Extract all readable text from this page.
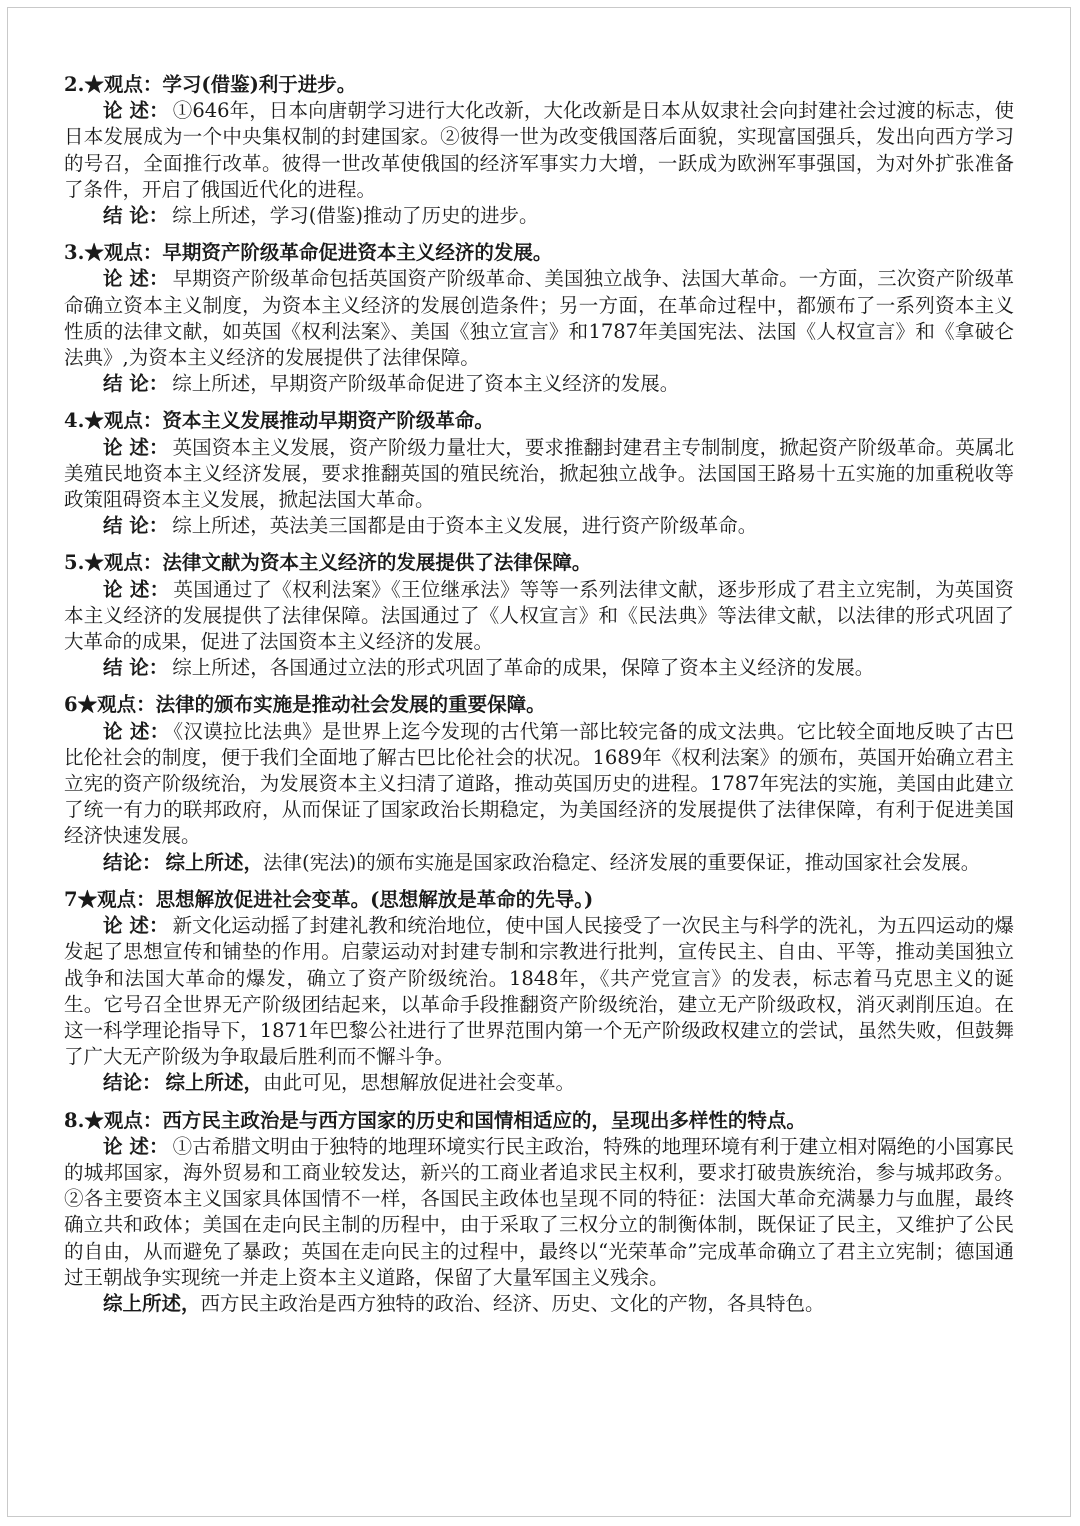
2.★观点：学习(借鉴)利于进步。

论 述： ①646年，日本向唐朝学习进行大化改新，大化改新是日本从奴隶社会向封建社会过渡的标志，使日本发展成为一个中央集权制的封建国家。②彼得一世为改变俄国落后面貌，实现富国强兵，发出向西方学习的号召，全面推行改革。彼得一世改革使俄国的经济军事实力大增，一跃成为欧洲军事强国，为对外扩张准备了条件，开启了俄国近代化的进程。

结 论： 综上所述，学习(借鉴)推动了历史的进步。

3.★观点：早期资产阶级革命促进资本主义经济的发展。

论 述： 早期资产阶级革命包括英国资产阶级革命、美国独立战争、法国大革命。一方面，三次资产阶级革命确立资本主义制度，为资本主义经济的发展创造条件；另一方面，在革命过程中，都颁布了一系列资本主义性质的法律文献，如英国《权利法案》、美国《独立宣言》和1787年美国宪法、法国《人权宣言》和《拿破仑法典》,为资本主义经济的发展提供了法律保障。

结 论： 综上所述，早期资产阶级革命促进了资本主义经济的发展。

4.★观点：资本主义发展推动早期资产阶级革命。

论 述： 英国资本主义发展，资产阶级力量壮大，要求推翻封建君主专制制度，掀起资产阶级革命。英属北美殖民地资本主义经济发展，要求推翻英国的殖民统治，掀起独立战争。法国国王路易十五实施的加重税收等政策阻碍资本主义发展，掀起法国大革命。

结 论： 综上所述，英法美三国都是由于资本主义发展，进行资产阶级革命。

5.★观点：法律文献为资本主义经济的发展提供了法律保障。

论 述： 英国通过了《权利法案》《王位继承法》等等一系列法律文献，逐步形成了君主立宪制，为英国资本主义经济的发展提供了法律保障。法国通过了《人权宣言》和《民法典》等法律文献，以法律的形式巩固了大革命的成果，促进了法国资本主义经济的发展。

结 论： 综上所述，各国通过立法的形式巩固了革命的成果，保障了资本主义经济的发展。

6★观点：法律的颁布实施是推动社会发展的重要保障。

论 述： 《汉谟拉比法典》是世界上迄今发现的古代第一部比较完备的成文法典。它比较全面地反映了古巴比伦社会的制度，便于我们全面地了解古巴比伦社会的状况。1689年《权利法案》的颁布，英国开始确立君主立宪的资产阶级统治，为发展资本主义扫清了道路，推动英国历史的进程。1787年宪法的实施，美国由此建立了统一有力的联邦政府，从而保证了国家政治长期稳定，为美国经济的发展提供了法律保障，有利于促进美国经济快速发展。

结论： 综上所述，法律(宪法)的颁布实施是国家政治稳定、经济发展的重要保证，推动国家社会发展。

7★观点：思想解放促进社会变革。(思想解放是革命的先导。)

论 述： 新文化运动摇了封建礼教和统治地位，使中国人民接受了一次民主与科学的洗礼，为五四运动的爆发起了思想宣传和铺垫的作用。启蒙运动对封建专制和宗教进行批判，宣传民主、自由、平等，推动美国独立战争和法国大革命的爆发，确立了资产阶级统治。1848年，《共产党宣言》的发表，标志着马克思主义的诞生。它号召全世界无产阶级团结起来，以革命手段推翻资产阶级统治，建立无产阶级政权，消灭剥削压迫。在这一科学理论指导下，1871年巴黎公社进行了世界范围内第一个无产阶级政权建立的尝试，虽然失败，但鼓舞了广大无产阶级为争取最后胜利而不懈斗争。

结论： 综上所述，由此可见，思想解放促进社会变革。

8.★观点：西方民主政治是与西方国家的历史和国情相适应的，呈现出多样性的特点。

论 述： ①古希腊文明由于独特的地理环境实行民主政治，特殊的地理环境有利于建立相对隔绝的小国寡民的城邦国家，海外贸易和工商业较发达，新兴的工商业者追求民主权利，要求打破贵族统治，参与城邦政务。②各主要资本主义国家具体国情不一样，各国民主政体也呈现不同的特征：法国大革命充满暴力与血腥，最终确立共和政体；美国在走向民主制的历程中，由于采取了三权分立的制衡体制，既保证了民主，又维护了公民的自由，从而避免了暴政；英国在走向民主的过程中，最终以“光荣革命”完成革命确立了君主立宪制；德国通过王朝战争实现统一并走上资本主义道路，保留了大量军国主义残余。

综上所述，西方民主政治是西方独特的政治、经济、历史、文化的产物，各具特色。
